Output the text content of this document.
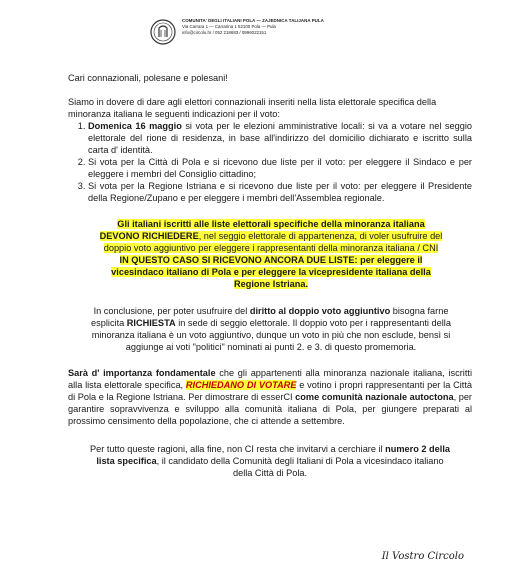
COMUNITA' DEGLI ITALIANI POLA — ZAJEDNICA TALIJANA PULA
Via Carrara 1 — Carrarina 1 52100 Pola — Pula
info@circolo.hr / 052 218683 / 0996022151

Cari connazionali, polesane e polesani!

Siamo in dovere di dare agli elettori connazionali inseriti nella lista elettorale specifica della minoranza italiana le seguenti indicazioni per il voto:

1. Domenica 16 maggio si vota per le elezioni amministrative locali: si va a votare nel seggio elettorale del rione di residenza, in base all'indirizzo del domicilio dichiarato e iscritto sulla carta d' identità.
2. Si vota per la Città di Pola e si ricevono due liste per il voto: per eleggere il Sindaco e per eleggere i membri del Consiglio cittadino;
3. Si vota per la Regione Istriana e si ricevono due liste per il voto: per eleggere il Presidente della Regione/Zupano e per eleggere i membri dell'Assemblea regionale.
Gli italiani iscritti alle liste elettorali specifiche della minoranza italiana
DEVONO RICHIEDERE, nel seggio elettorale di appartenenza, di voler usufruire del doppio voto aggiuntivo per eleggere i rappresentanti della minoranza italiana / CNI
IN QUESTO CASO SI RICEVONO ANCORA DUE LISTE: per eleggere il vicesindaco italiano di Pola e per eleggere la vicepresidente italiana della Regione Istriana.

In conclusione, per poter usufruire del diritto al doppio voto aggiuntivo bisogna farne esplicita RICHIESTA in sede di seggio elettorale. Il doppio voto per i rappresentanti della minoranza italiana è un voto aggiuntivo, dunque un voto in più che non esclude, bensì si aggiunge ai voti "politici" nominati ai punti 2. e 3. di questo promemoria.

Sarà d' importanza fondamentale che gli appartenenti alla minoranza nazionale italiana, iscritti alla lista elettorale specifica, RICHIEDANO DI VOTARE e votino i propri rappresentanti per la Città di Pola e la Regione Istriana. Per dimostrare di esserCI come comunità nazionale autoctona, per garantire sopravvivenza e sviluppo alla comunità italiana di Pola, per giungere preparati al prossimo censimento della popolazione, che ci attende a settembre.

Per tutto queste ragioni, alla fine, non CI resta che invitarvi a cerchiare il numero 2 della lista specifica, il candidato della Comunità degli Italiani di Pola a vicesindaco italiano della Città di Pola.

Il Vostro Circolo
